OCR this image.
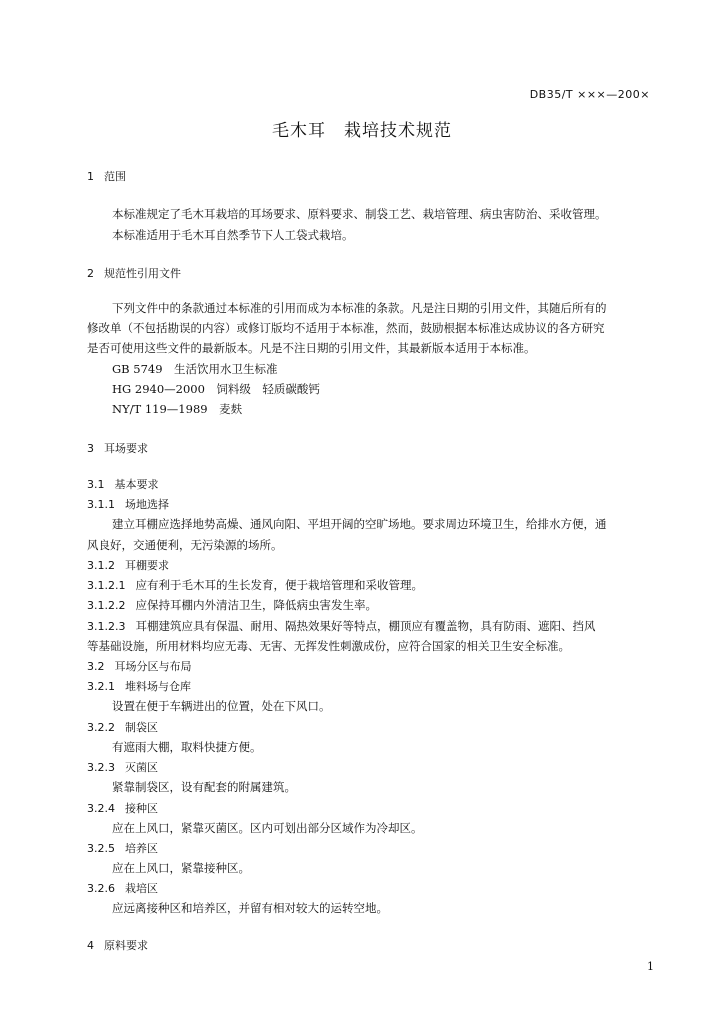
DB35/T ×××—200×
毛木耳　栽培技术规范
1 范围
本标准规定了毛木耳栽培的耳场要求、原料要求、制袋工艺、栽培管理、病虫害防治、采收管理。
本标准适用于毛木耳自然季节下人工袋式栽培。
2 规范性引用文件
下列文件中的条款通过本标准的引用而成为本标准的条款。凡是注日期的引用文件，其随后所有的
修改单（不包括勘误的内容）或修订版均不适用于本标准，然而，鼓励根据本标准达成协议的各方研究
是否可使用这些文件的最新版本。凡是不注日期的引用文件，其最新版本适用于本标准。
GB 5749　生活饮用水卫生标准
HG 2940—2000　饲料级　轻质碳酸钙
NY/T 119—1989　麦麸
3 耳场要求
3.1 基本要求
3.1.1 场地选择
建立耳棚应选择地势高燥、通风向阳、平坦开阔的空旷场地。要求周边环境卫生，给排水方便，通
风良好，交通便利，无污染源的场所。
3.1.2 耳棚要求
3.1.2.1 应有利于毛木耳的生长发育，便于栽培管理和采收管理。
3.1.2.2 应保持耳棚内外清洁卫生，降低病虫害发生率。
3.1.2.3 耳棚建筑应具有保温、耐用、隔热效果好等特点，棚顶应有覆盖物，具有防雨、遮阳、挡风
等基础设施，所用材料均应无毒、无害、无挥发性刺激成份，应符合国家的相关卫生安全标准。
3.2 耳场分区与布局
3.2.1 堆料场与仓库
设置在便于车辆进出的位置，处在下风口。
3.2.2 制袋区
有遮雨大棚，取料快捷方便。
3.2.3 灭菌区
紧靠制袋区，设有配套的附属建筑。
3.2.4 接种区
应在上风口，紧靠灭菌区。区内可划出部分区域作为冷却区。
3.2.5 培养区
应在上风口，紧靠接种区。
3.2.6 栽培区
应远离接种区和培养区，并留有相对较大的运转空地。
4 原料要求
1
